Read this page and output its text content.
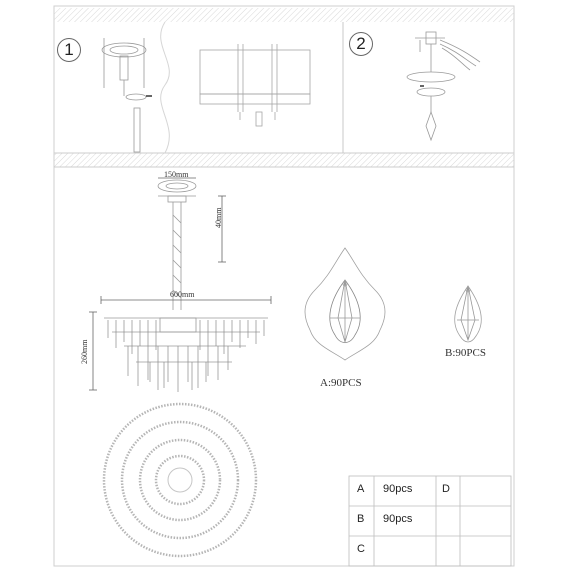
1	2
150mm
40mm
600mm
260mm
A:90PCS
B:90PCS
A 90pcs	D
B 90pcs
C
